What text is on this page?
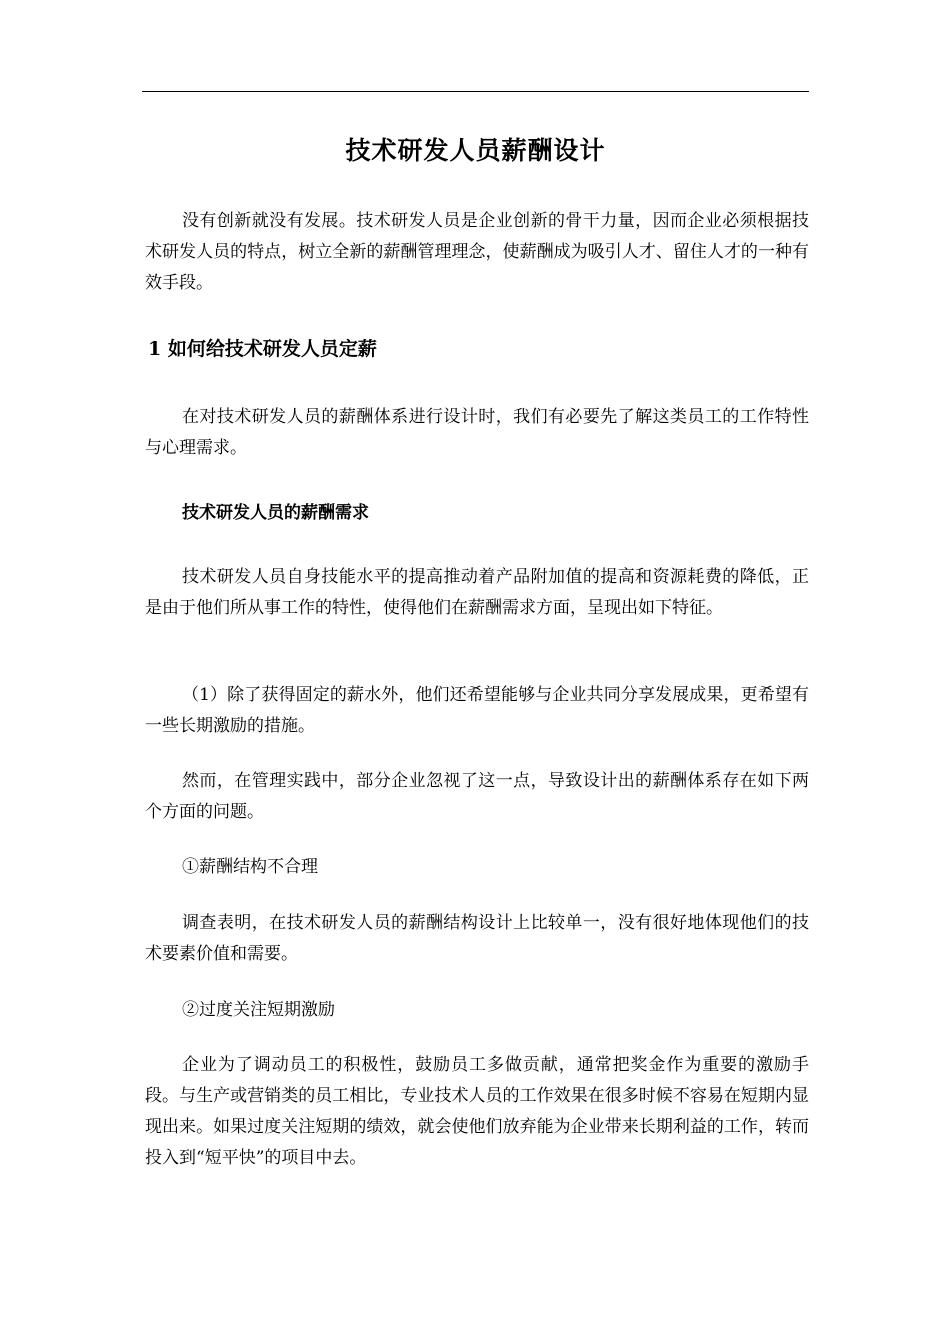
技术研发人员薪酬设计

没有创新就没有发展。技术研发人员是企业创新的骨干力量，因而企业必须根据技术研发人员的特点，树立全新的薪酬管理理念，使薪酬成为吸引人才、留住人才的一种有效手段。

1 如何给技术研发人员定薪

在对技术研发人员的薪酬体系进行设计时，我们有必要先了解这类员工的工作特性与心理需求。

技术研发人员的薪酬需求

技术研发人员自身技能水平的提高推动着产品附加值的提高和资源耗费的降低，正是由于他们所从事工作的特性，使得他们在薪酬需求方面，呈现出如下特征。

（1）除了获得固定的薪水外，他们还希望能够与企业共同分享发展成果，更希望有一些长期激励的措施。

然而，在管理实践中，部分企业忽视了这一点，导致设计出的薪酬体系存在如下两个方面的问题。

①薪酬结构不合理

调查表明，在技术研发人员的薪酬结构设计上比较单一，没有很好地体现他们的技术要素价值和需要。

②过度关注短期激励

企业为了调动员工的积极性，鼓励员工多做贡献，通常把奖金作为重要的激励手段。与生产或营销类的员工相比，专业技术人员的工作效果在很多时候不容易在短期内显现出来。如果过度关注短期的绩效，就会使他们放弃能为企业带来长期利益的工作，转而投入到“短平快”的项目中去。
